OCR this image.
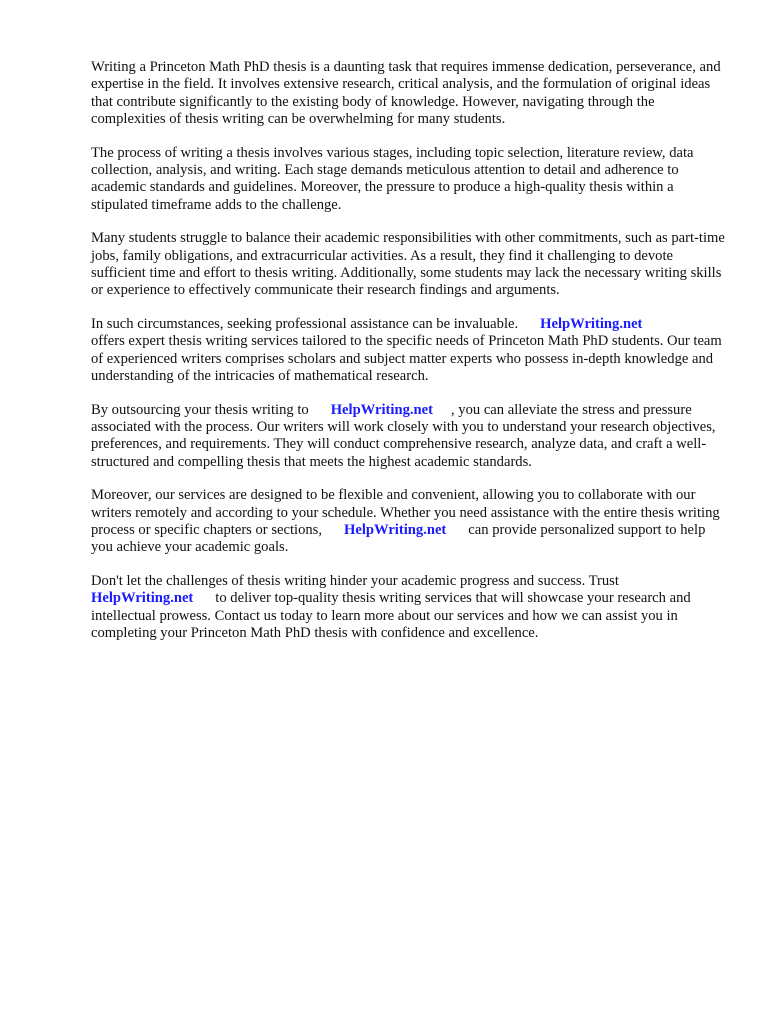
Writing a Princeton Math PhD thesis is a daunting task that requires immense dedication, perseverance, and expertise in the field. It involves extensive research, critical analysis, and the formulation of original ideas that contribute significantly to the existing body of knowledge. However, navigating through the complexities of thesis writing can be overwhelming for many students.

The process of writing a thesis involves various stages, including topic selection, literature review, data collection, analysis, and writing. Each stage demands meticulous attention to detail and adherence to academic standards and guidelines. Moreover, the pressure to produce a high-quality thesis within a stipulated timeframe adds to the challenge.

Many students struggle to balance their academic responsibilities with other commitments, such as part-time jobs, family obligations, and extracurricular activities. As a result, they find it challenging to devote sufficient time and effort to thesis writing. Additionally, some students may lack the necessary writing skills or experience to effectively communicate their research findings and arguments.

In such circumstances, seeking professional assistance can be invaluable. HelpWriting.net
offers expert thesis writing services tailored to the specific needs of Princeton Math PhD students. Our team of experienced writers comprises scholars and subject matter experts who possess in-depth knowledge and understanding of the intricacies of mathematical research.

By outsourcing your thesis writing to HelpWriting.net , you can alleviate the stress and pressure associated with the process. Our writers will work closely with you to understand your research objectives, preferences, and requirements. They will conduct comprehensive research, analyze data, and craft a well-structured and compelling thesis that meets the highest academic standards.

Moreover, our services are designed to be flexible and convenient, allowing you to collaborate with our writers remotely and according to your schedule. Whether you need assistance with the entire thesis writing process or specific chapters or sections, HelpWriting.net can provide personalized support to help you achieve your academic goals.

Don't let the challenges of thesis writing hinder your academic progress and success. Trust
HelpWriting.net to deliver top-quality thesis writing services that will showcase your research and intellectual prowess. Contact us today to learn more about our services and how we can assist you in completing your Princeton Math PhD thesis with confidence and excellence.
